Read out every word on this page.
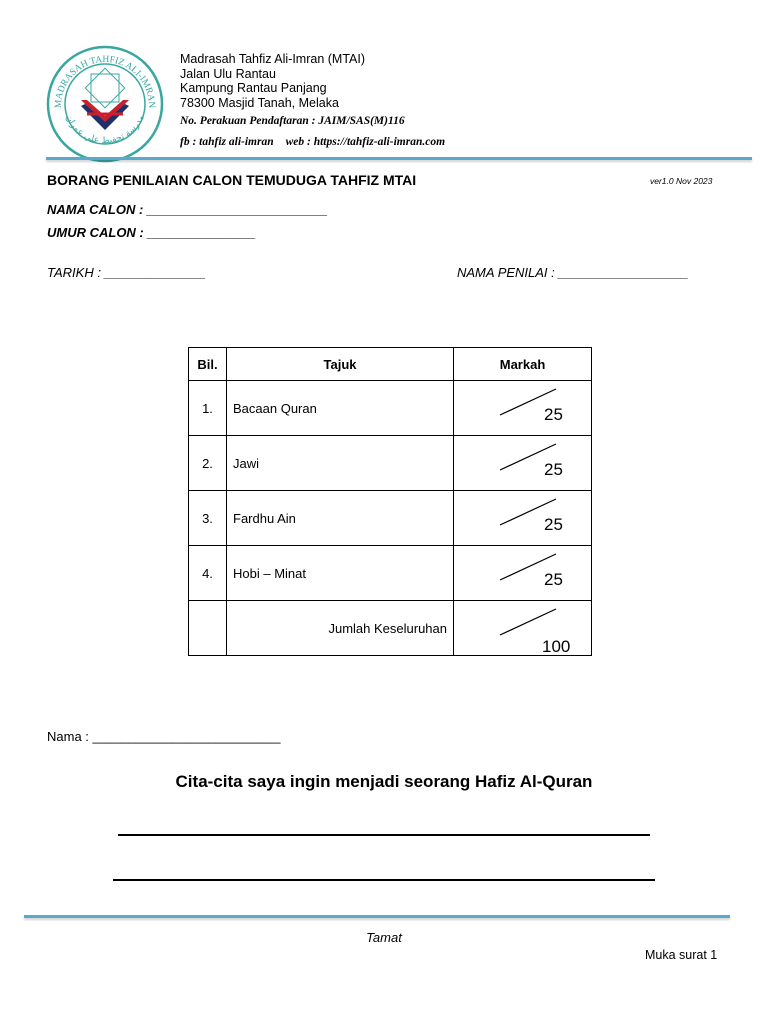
MADRASAH TAHFIZ ALI-IMRAN
مدرسة تحفيظ علي عمران
Madrasah Tahfiz Ali-Imran (MTAI)
Jalan Ulu Rantau
Kampung Rantau Panjang
78300 Masjid Tanah, Melaka
No. Perakuan Pendaftaran : JAIM/SAS(M)116
fb : tahfiz ali-imran web : https://tahfiz-ali-imran.com
BORANG PENILAIAN CALON TEMUDUGA TAHFIZ MTAI	ver1.0 Nov 2023
NAMA CALON : _________________________
UMUR CALON : _______________
TARIKH : ______________	NAMA PENILAI : __________________
Bil.	Tajuk	Markah
1.	Bacaan Quran	25

2.	Jawi	25

3.	Fardhu Ain	25

4.	Hobi – Minat	25

	Jumlah Keseluruhan	100
Nama : __________________________
Cita-cita saya ingin menjadi seorang Hafiz Al-Quran
Tamat
Muka surat 1
